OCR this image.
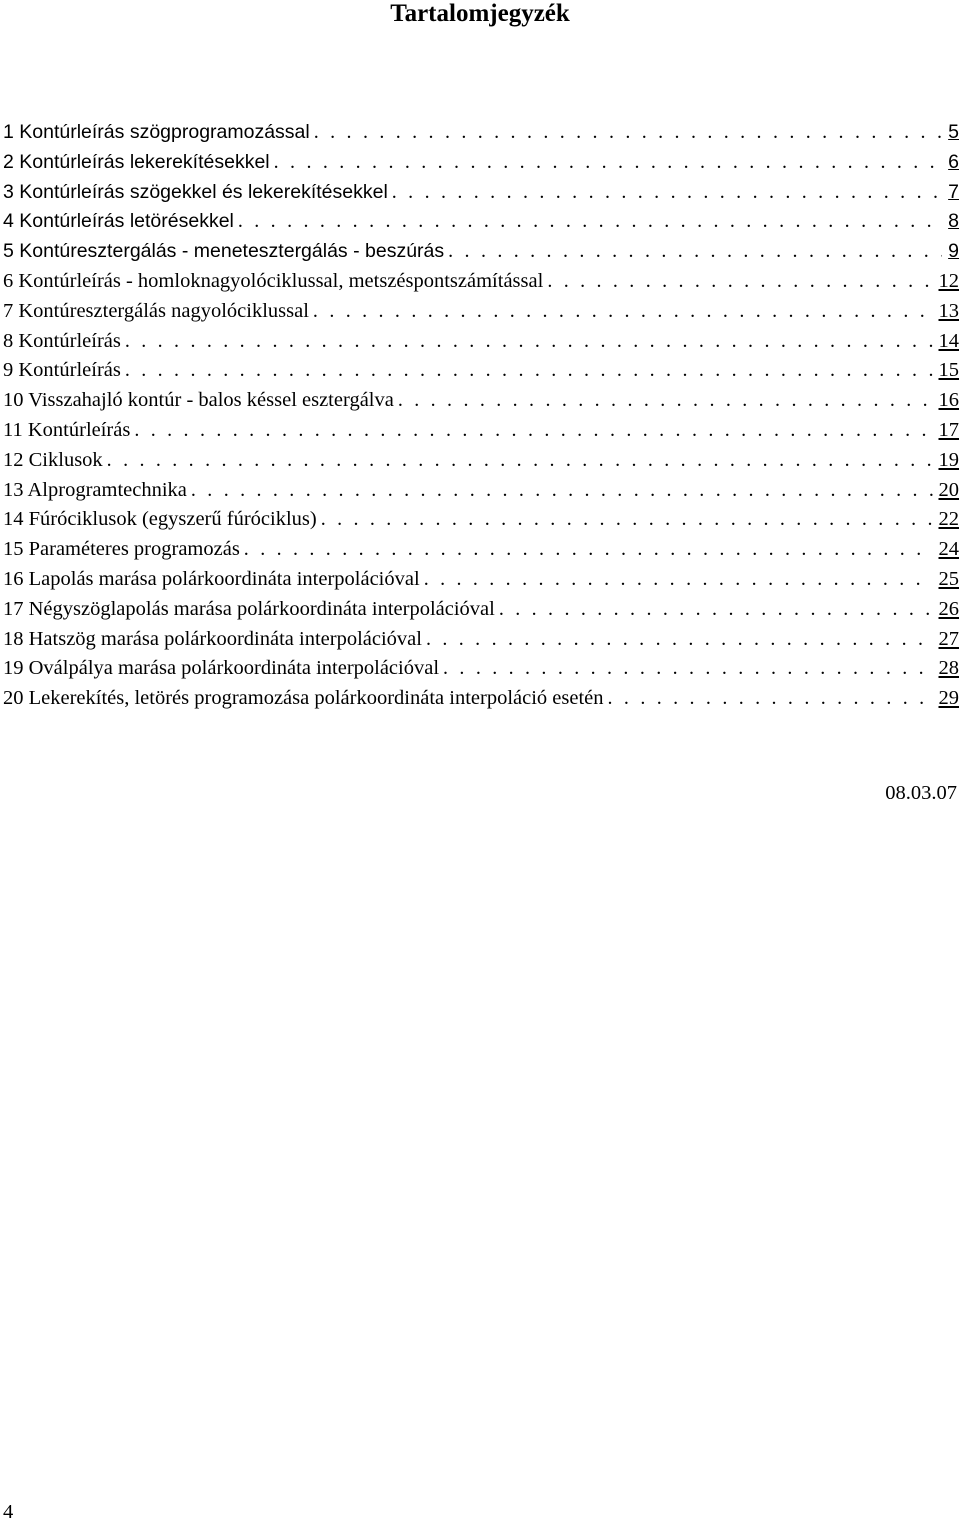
Tartalomjegyzék
1 Kontúrleírás szögprogramozással . . .	5
2 Kontúrleírás lekerekítésekkel . . .	6
3 Kontúrleírás szögekkel és lekerekítésekkel . . .	7
4 Kontúrleírás letörésekkel . . .	8
5 Kontúresztergálás - menetesztergálás - beszúrás . . .	9
6 Kontúrleírás - homloknagyolóciklussal, metszéspontszámítással . . .	12
7 Kontúresztergálás nagyolóciklussal . . .	13
8 Kontúrleírás . . .	14
9 Kontúrleírás . . .	15
10 Visszahajló kontúr - balos késsel esztergálva . . .	16
11 Kontúrleírás . . .	17
12 Ciklusok . . .	19
13 Alprogramtechnika . . .	20
14 Fúróciklusok (egyszerű fúróciklus) . . .	22
15 Paraméteres programozás . . .	24
16 Lapolás marása polárkoordináta interpolációval . . .	25
17 Négyszöglapolás marása polárkoordináta interpolációval . . .	26
18 Hatszög marása polárkoordináta interpolációval . . .	27
19 Oválpálya marása polárkoordináta interpolációval . . .	28
20 Lekerekítés, letörés programozása polárkoordináta interpoláció esetén . . .	29
08.03.07
4
